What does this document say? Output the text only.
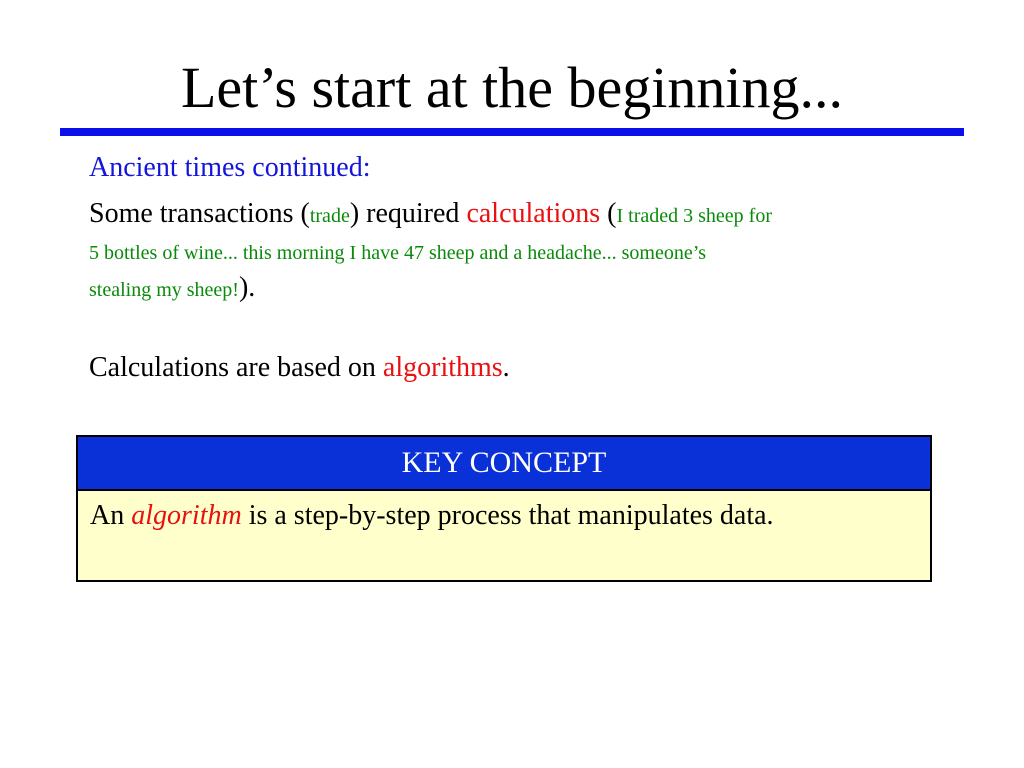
Let’s start at the beginning...
Ancient times continued:
Some transactions (trade) required calculations (I traded 3 sheep for
5 bottles of wine... this morning I have 47 sheep and a headache... someone’s
stealing my sheep!).
Calculations are based on algorithms.
KEY CONCEPT
An algorithm is a step-by-step process that manipulates data.
